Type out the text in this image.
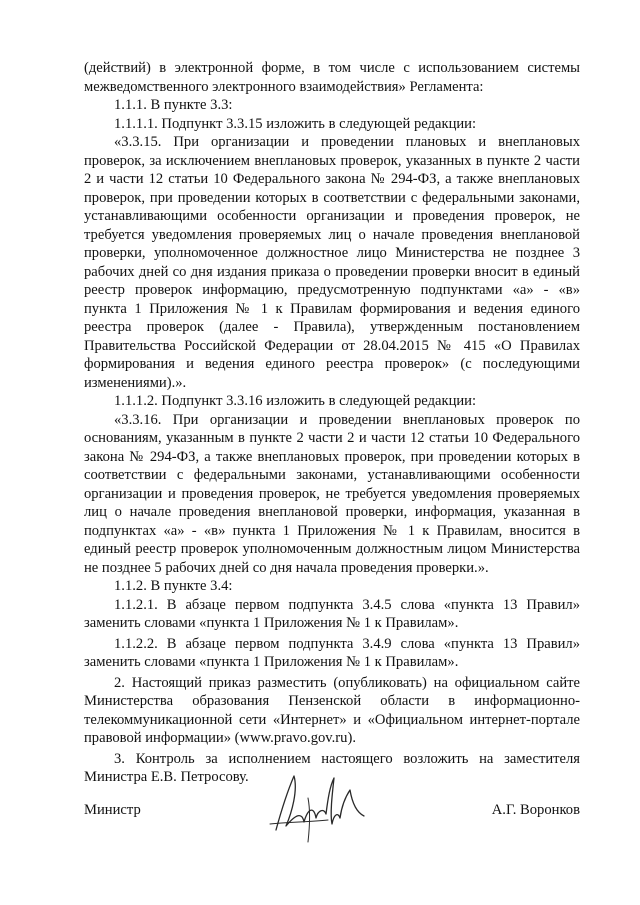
(действий) в электронной форме, в том числе с использованием системы межведомственного электронного взаимодействия» Регламента:

1.1.1. В пункте 3.3:

1.1.1.1. Подпункт 3.3.15 изложить в следующей редакции:

«3.3.15. При организации и проведении плановых и внеплановых проверок, за исключением внеплановых проверок, указанных в пункте 2 части 2 и части 12 статьи 10 Федерального закона № 294-ФЗ, а также внеплановых проверок, при проведении которых в соответствии с федеральными законами, устанавливающими особенности организации и проведения проверок, не требуется уведомления проверяемых лиц о начале проведения внеплановой проверки, уполномоченное должностное лицо Министерства не позднее 3 рабочих дней со дня издания приказа о проведении проверки вносит в единый реестр проверок информацию, предусмотренную подпунктами «а» - «в» пункта 1 Приложения № 1 к Правилам формирования и ведения единого реестра проверок (далее - Правила), утвержденным постановлением Правительства Российской Федерации от 28.04.2015 № 415 «О Правилах формирования и ведения единого реестра проверок» (с последующими изменениями).».

1.1.1.2. Подпункт 3.3.16 изложить в следующей редакции:

«3.3.16. При организации и проведении внеплановых проверок по основаниям, указанным в пункте 2 части 2 и части 12 статьи 10 Федерального закона № 294-ФЗ, а также внеплановых проверок, при проведении которых в соответствии с федеральными законами, устанавливающими особенности организации и проведения проверок, не требуется уведомления проверяемых лиц о начале проведения внеплановой проверки, информация, указанная в подпунктах «а» - «в» пункта 1 Приложения № 1 к Правилам, вносится в единый реестр проверок уполномоченным должностным лицом Министерства не позднее 5 рабочих дней со дня начала проведения проверки.».

1.1.2. В пункте 3.4:

1.1.2.1. В абзаце первом подпункта 3.4.5 слова «пункта 13 Правил» заменить словами «пункта 1 Приложения № 1 к Правилам».

1.1.2.2. В абзаце первом подпункта 3.4.9 слова «пункта 13 Правил» заменить словами «пункта 1 Приложения № 1 к Правилам».

2. Настоящий приказ разместить (опубликовать) на официальном сайте Министерства образования Пензенской области в информационно-телекоммуникационной сети «Интернет» и «Официальном интернет-портале правовой информации» (www.pravo.gov.ru).

3. Контроль за исполнением настоящего возложить на заместителя Министра Е.В. Петросову.

Министр	А.Г. Воронков
